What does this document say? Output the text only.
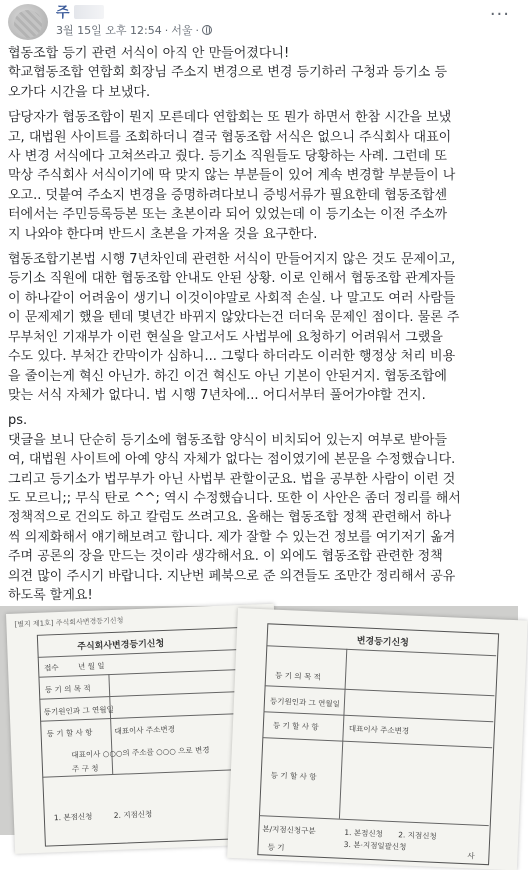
주
3월 15일 오후 12:54 · 서울 ·
···
협동조합 등기 관련 서식이 아직 안 만들어졌다니!
학교협동조합 연합회 회장님 주소지 변경으로 변경 등기하러 구청과 등기소 등
오가다 시간을 다 보냈다.
담당자가 협동조합이 뭔지 모른데다 연합회는 또 뭔가 하면서 한참 시간을 보냈
고, 대법원 사이트를 조회하더니 결국 협동조합 서식은 없으니 주식회사 대표이
사 변경 서식에다 고쳐쓰라고 줬다. 등기소 직원들도 당황하는 사례. 그런데 또
막상 주식회사 서식이기에 딱 맞지 않는 부분들이 있어 계속 변경할 부분들이 나
오고.. 덧붙여 주소지 변경을 증명하려다보니 증빙서류가 필요한데 협동조합센
터에서는 주민등록등본 또는 초본이라 되어 있었는데 이 등기소는 이전 주소까
지 나와야 한다며 반드시 초본을 가져올 것을 요구한다.
협동조합기본법 시행 7년차인데 관련한 서식이 만들어지지 않은 것도 문제이고,
등기소 직원에 대한 협동조합 안내도 안된 상황. 이로 인해서 협동조합 관계자들
이 하나같이 어려움이 생기니 이것이야말로 사회적 손실. 나 말고도 여러 사람들
이 문제제기 했을 텐데 몇년간 바뀌지 않았다는건 더더욱 문제인 점이다. 물론 주
무부처인 기재부가 이런 현실을 알고서도 사법부에 요청하기 어려워서 그랬을
수도 있다. 부처간 칸막이가 심하니... 그렇다 하더라도 이러한 행정상 처리 비용
을 줄이는게 혁신 아닌가. 하긴 이건 혁신도 아닌 기본이 안된거지. 협동조합에
맞는 서식 자체가 없다니. 법 시행 7년차에... 어디서부터 풀어가야할 건지.
ps.
댓글을 보니 단순히 등기소에 협동조합 양식이 비치되어 있는지 여부로 받아들
여, 대법원 사이트에 아예 양식 자체가 없다는 점이였기에 본문을 수정했습니다.
그리고 등기소가 법무부가 아닌 사법부 관할이군요. 법을 공부한 사람이 이런 것
도 모르니;; 무식 탄로 ^^; 역시 수정했습니다. 또한 이 사안은 좀더 정리를 해서
정책적으로 건의도 하고 칼럼도 쓰려고요. 올해는 협동조합 정책 관련해서 하나
씩 의제화해서 얘기해보려고 합니다. 제가 잘할 수 있는건 정보를 여기저기 옮겨
주며 공론의 장을 만드는 것이라 생각해서요. 이 외에도 협동조합 관련한 정책
의견 많이 주시기 바랍니다. 지난번 페북으로 준 의견들도 조만간 정리해서 공유
하도록 할게요!
[별지 제1호] 주식회사변경등기신청
주식회사변경등기신청
접수	년 월 일
등 기 의 목 적
등기원인과 그 연월일
등 기 할 사 항	대표이사 주소변경
대표이사 ○○○의 주소를 ○○○ 으로 변경
주 구 청
1. 본점신청	2. 지점신청
변경등기신청
등 기 의 목 적
등기원인과 그 연월일
등 기 할 사 항	대표이사 주소변경
등 기 할 사 항
본/지점신청구분	1. 본점신청 2. 지점신청
3. 본·지점일괄신청
등 기
사
